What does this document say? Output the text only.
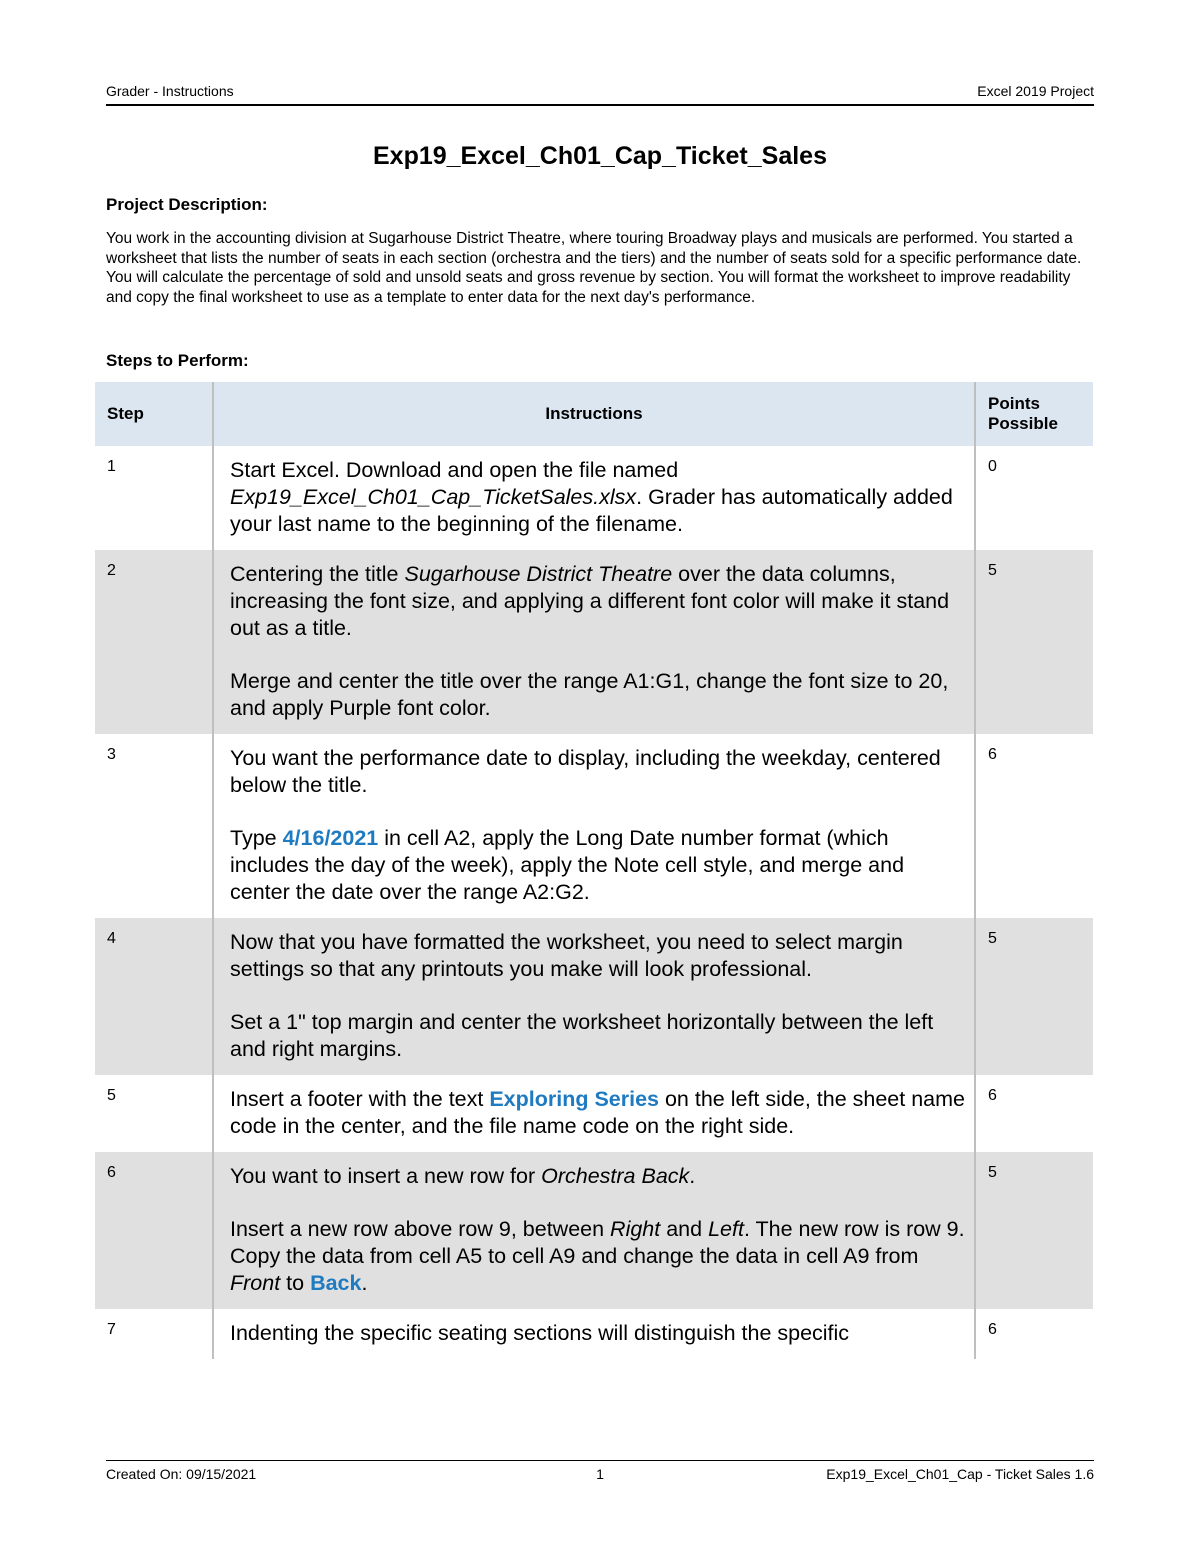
Grader - Instructions	Excel 2019 Project
Exp19_Excel_Ch01_Cap_Ticket_Sales
Project Description:
You work in the accounting division at Sugarhouse District Theatre, where touring Broadway plays and musicals are performed. You started a worksheet that lists the number of seats in each section (orchestra and the tiers) and the number of seats sold for a specific performance date. You will calculate the percentage of sold and unsold seats and gross revenue by section. You will format the worksheet to improve readability and copy the final worksheet to use as a template to enter data for the next day's performance.
Steps to Perform:
Step	Instructions	Points
Possible
1	Start Excel. Download and open the file named Exp19_Excel_Ch01_Cap_TicketSales.xlsx. Grader has automatically added your last name to the beginning of the filename.	0
2	Centering the title Sugarhouse District Theatre over the data columns, increasing the font size, and applying a different font color will make it stand out as a title.

Merge and center the title over the range A1:G1, change the font size to 20, and apply Purple font color.	5
3	You want the performance date to display, including the weekday, centered below the title.

Type 4/16/2021 in cell A2, apply the Long Date number format (which includes the day of the week), apply the Note cell style, and merge and center the date over the range A2:G2.	6
4	Now that you have formatted the worksheet, you need to select margin settings so that any printouts you make will look professional.

Set a 1" top margin and center the worksheet horizontally between the left and right margins.	5
5	Insert a footer with the text Exploring Series on the left side, the sheet name code in the center, and the file name code on the right side.	6
6	You want to insert a new row for Orchestra Back.

Insert a new row above row 9, between Right and Left. The new row is row 9. Copy the data from cell A5 to cell A9 and change the data in cell A9 from Front to Back.	5
7	Indenting the specific seating sections will distinguish the specific	6
Created On: 09/15/2021	1	Exp19_Excel_Ch01_Cap - Ticket Sales 1.6
